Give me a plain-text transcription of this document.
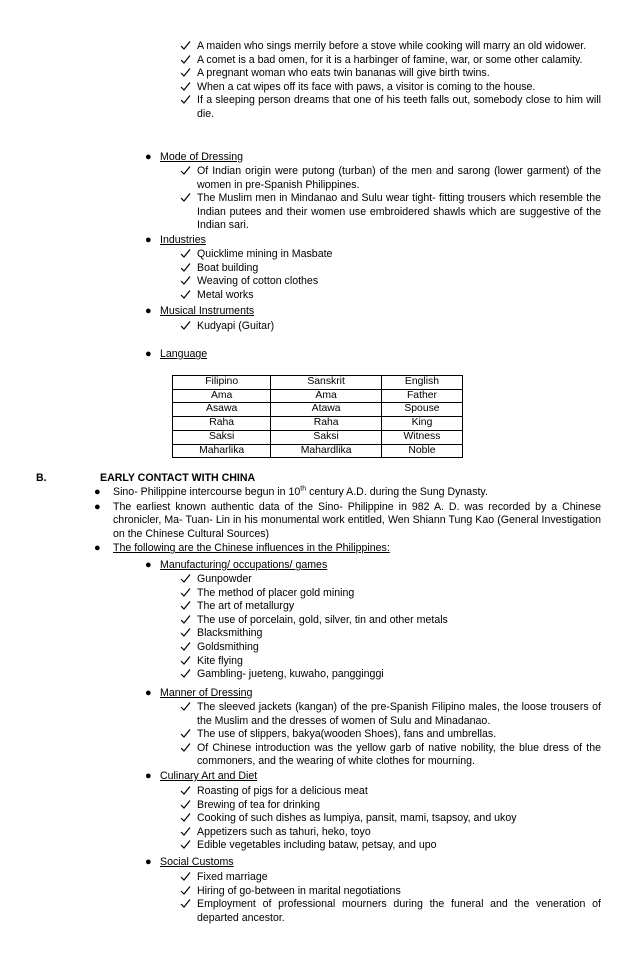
A maiden who sings merrily before a stove while cooking will marry an old widower.
A comet is a bad omen, for it is a harbinger of famine, war, or some other calamity.
A pregnant woman who eats twin bananas will give birth twins.
When a cat wipes off its face with paws, a visitor is coming to the house.
If a sleeping person dreams that one of his teeth falls out, somebody close to him will die.
● Mode of Dressing
Of Indian origin were putong (turban) of the men and sarong (lower garment) of the women in pre-Spanish Philippines.
The Muslim men in Mindanao and Sulu wear tight- fitting trousers which resemble the Indian putees and their women use embroidered shawls which are suggestive of the Indian sari.
● Industries
Quicklime mining in Masbate
Boat building
Weaving of cotton clothes
Metal works
● Musical Instruments
Kudyapi (Guitar)
● Language
Filipino	Sanskrit	English
Ama	Ama	Father
Asawa	Atawa	Spouse
Raha	Raha	King
Saksi	Saksi	Witness
Maharlika	Mahardlika	Noble
B.	EARLY CONTACT WITH CHINA
● Sino- Philippine intercourse begun in 10th century A.D. during the Sung Dynasty.
● The earliest known authentic data of the Sino- Philippine in 982 A. D. was recorded by a Chinese chronicler, Ma- Tuan- Lin in his monumental work entitled, Wen Shiann Tung Kao (General Investigation on the Chinese Cultural Sources)
● The following are the Chinese influences in the Philippines:
● Manufacturing/ occupations/ games
Gunpowder
The method of placer gold mining
The art of metallurgy
The use of porcelain, gold, silver, tin and other metals
Blacksmithing
Goldsmithing
Kite flying
Gambling- jueteng, kuwaho, pangginggi
● Manner of Dressing
The sleeved jackets (kangan) of the pre-Spanish Filipino males, the loose trousers of the Muslim and the dresses of women of Sulu and Minadanao.
The use of slippers, bakya(wooden Shoes), fans and umbrellas.
Of Chinese introduction was the yellow garb of native nobility, the blue dress of the commoners, and the wearing of white clothes for mourning.
● Culinary Art and Diet
Roasting of pigs for a delicious meat
Brewing of tea for drinking
Cooking of such dishes as lumpiya, pansit, mami, tsapsoy, and ukoy
Appetizers such as tahuri, heko, toyo
Edible vegetables including bataw, petsay, and upo
● Social Customs
Fixed marriage
Hiring of go-between in marital negotiations
Employment of professional mourners during the funeral and the veneration of departed ancestor.
